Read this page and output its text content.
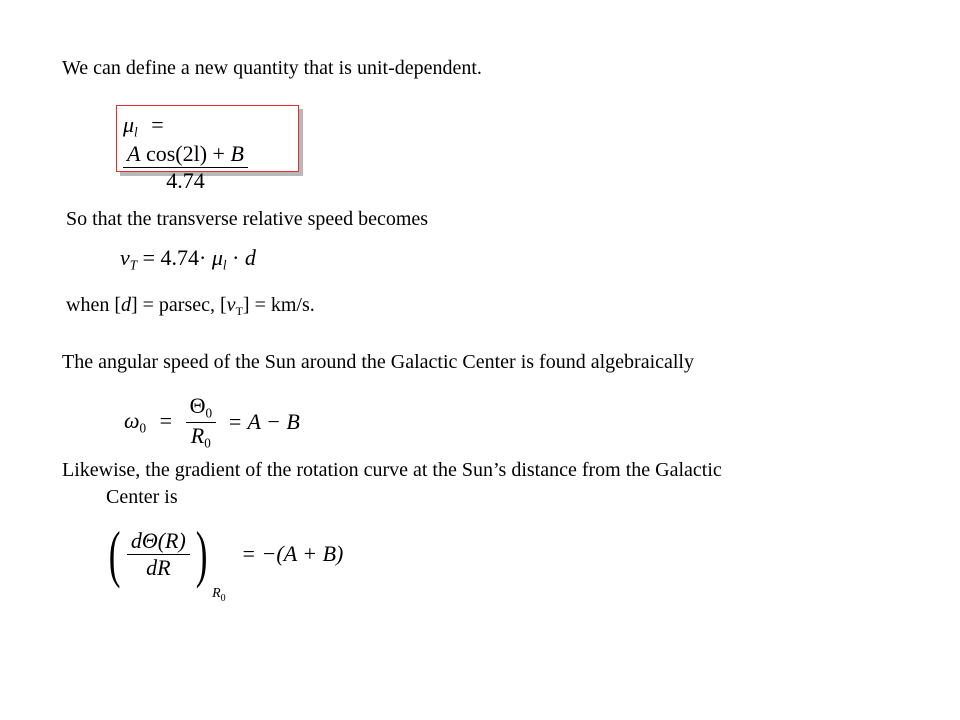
We can define a new quantity that is unit-dependent.
$\mu_l$ =
$\frac{\text{A cos(2l) + B}}{4.74}$
So that the transverse relative speed becomes
$v_T = 4.74\cdot \mu_l \cdot d$
when [d] = parsec, $[v_T] = km/s$.
The angular speed of the Sun around the Galactic Center is found algebraically
$\omega_0 = \frac{\Theta_0}{R_0} = A - B$
Likewise, the gradient of the rotation curve at the Sun’s distance from the Galactic
Center is
( $\frac{d\Theta(R)}{dR}$ ) $R_0 = -(A + B)$
